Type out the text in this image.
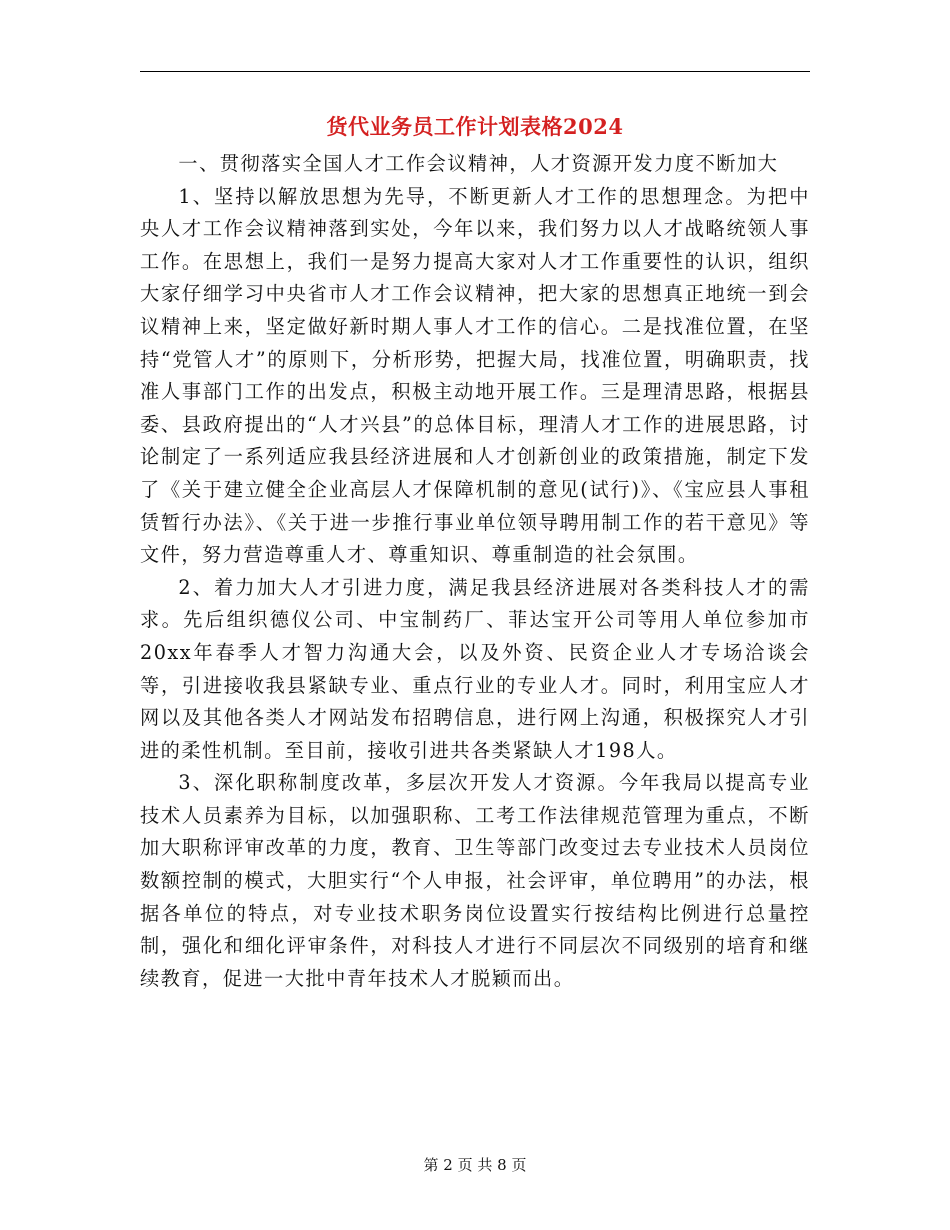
货代业务员工作计划表格2024

一、贯彻落实全国人才工作会议精神，人才资源开发力度不断加大

1、坚持以解放思想为先导，不断更新人才工作的思想理念。为把中央人才工作会议精神落到实处，今年以来，我们努力以人才战略统领人事工作。在思想上，我们一是努力提高大家对人才工作重要性的认识，组织大家仔细学习中央省市人才工作会议精神，把大家的思想真正地统一到会议精神上来，坚定做好新时期人事人才工作的信心。二是找准位置，在坚持“党管人才”的原则下，分析形势，把握大局，找准位置，明确职责，找准人事部门工作的出发点，积极主动地开展工作。三是理清思路，根据县委、县政府提出的“人才兴县”的总体目标，理清人才工作的进展思路，讨论制定了一系列适应我县经济进展和人才创新创业的政策措施，制定下发了《关于建立健全企业高层人才保障机制的意见(试行)》、《宝应县人事租赁暂行办法》、《关于进一步推行事业单位领导聘用制工作的若干意见》等文件，努力营造尊重人才、尊重知识、尊重制造的社会氛围。

2、着力加大人才引进力度，满足我县经济进展对各类科技人才的需求。先后组织德仪公司、中宝制药厂、菲达宝开公司等用人单位参加市20xx年春季人才智力沟通大会，以及外资、民资企业人才专场洽谈会等，引进接收我县紧缺专业、重点行业的专业人才。同时，利用宝应人才网以及其他各类人才网站发布招聘信息，进行网上沟通，积极探究人才引进的柔性机制。至目前，接收引进共各类紧缺人才198人。

3、深化职称制度改革，多层次开发人才资源。今年我局以提高专业技术人员素养为目标，以加强职称、工考工作法律规范管理为重点，不断加大职称评审改革的力度，教育、卫生等部门改变过去专业技术人员岗位数额控制的模式，大胆实行“个人申报，社会评审，单位聘用”的办法，根据各单位的特点，对专业技术职务岗位设置实行按结构比例进行总量控制，强化和细化评审条件，对科技人才进行不同层次不同级别的培育和继续教育，促进一大批中青年技术人才脱颖而出。

第 2 页 共 8 页
